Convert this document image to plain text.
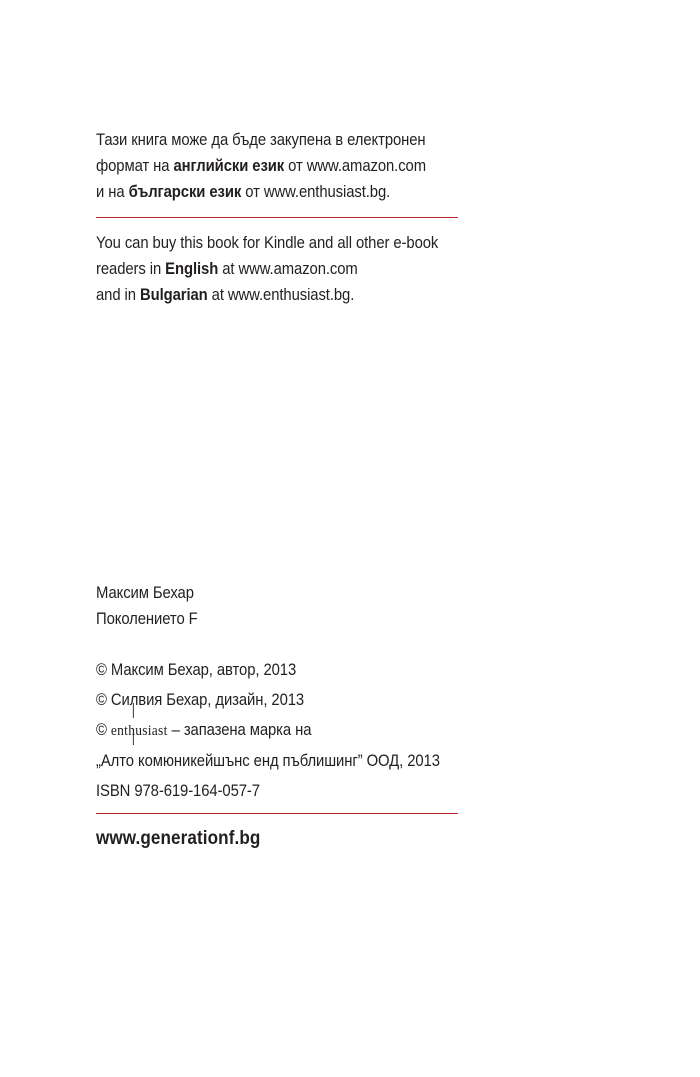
Тази книга може да бъде закупена в електронен

формат на английски език от www.amazon.com

и на български език от www.enthusiast.bg.

You can buy this book for Kindle and all other e-book

readers in English at www.amazon.com

and in Bulgarian at www.enthusiast.bg.

Максим Бехар

Поколението F

© Максим Бехар, автор, 2013

© Силвия Бехар, дизайн, 2013

© enthusiast
– запазена марка на

„Алто комюникейшънс енд пъблишинг” ООД, 2013

ISBN 978-619-164-057-7

www.generationf.bg
